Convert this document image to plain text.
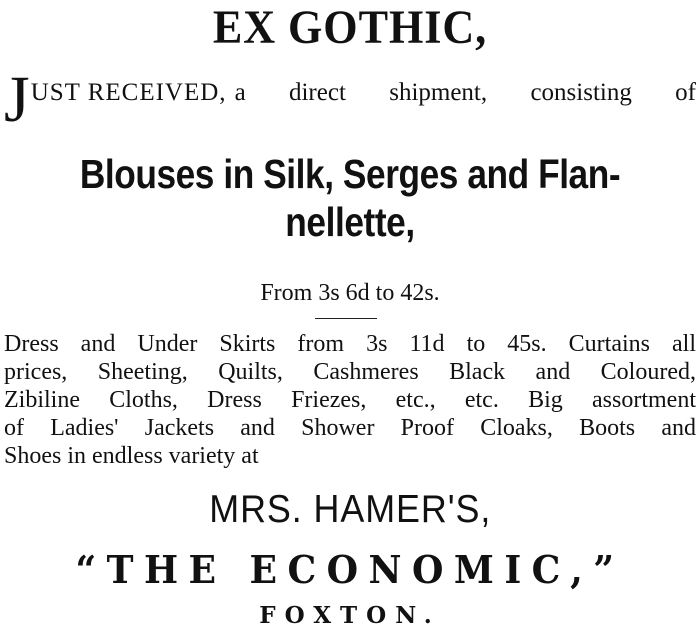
EX GOTHIC,
J UST RECEIVED, a direct shipment, consisting of
Blouses in Silk, Serges and Flan-
nellette,
From 3s 6d to 42s.
Dress and Under Skirts from 3s 11d to 45s. Curtains all
prices, Sheeting, Quilts, Cashmeres Black and Coloured,
Zibiline Cloths, Dress Friezes, etc., etc. Big assortment
of Ladies' Jackets and Shower Proof Cloaks, Boots and
Shoes in endless variety at
MRS. HAMER'S,
“THE ECONOMIC,”
FOXTON.
